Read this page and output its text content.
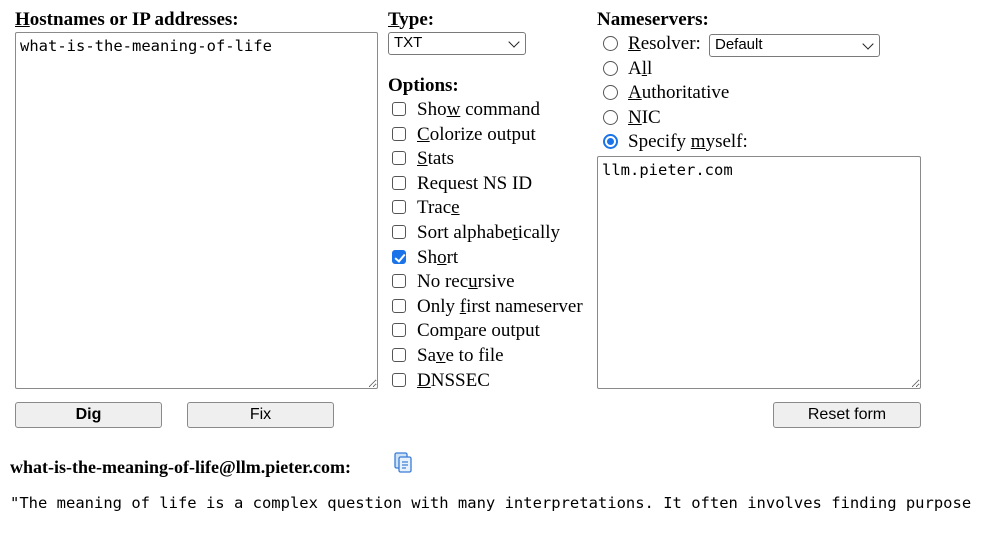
Hostnames or IP addresses:
what-is-the-meaning-of-life	Type:
TXT
Options:
Show command
Colorize output
Stats
Request NS ID
Trace
Sort alphabetically
Short
No recursive
Only first nameserver
Compare output
Save to file
DNSSEC
Nameservers:
Resolver:
All
Authoritative
NIC
Specify myself:
Default
llm.pieter.com
Dig	Fix	Reset form
what-is-the-meaning-of-life@llm.pieter.com:
"The meaning of life is a complex question with many interpretations. It often involves finding purpose
